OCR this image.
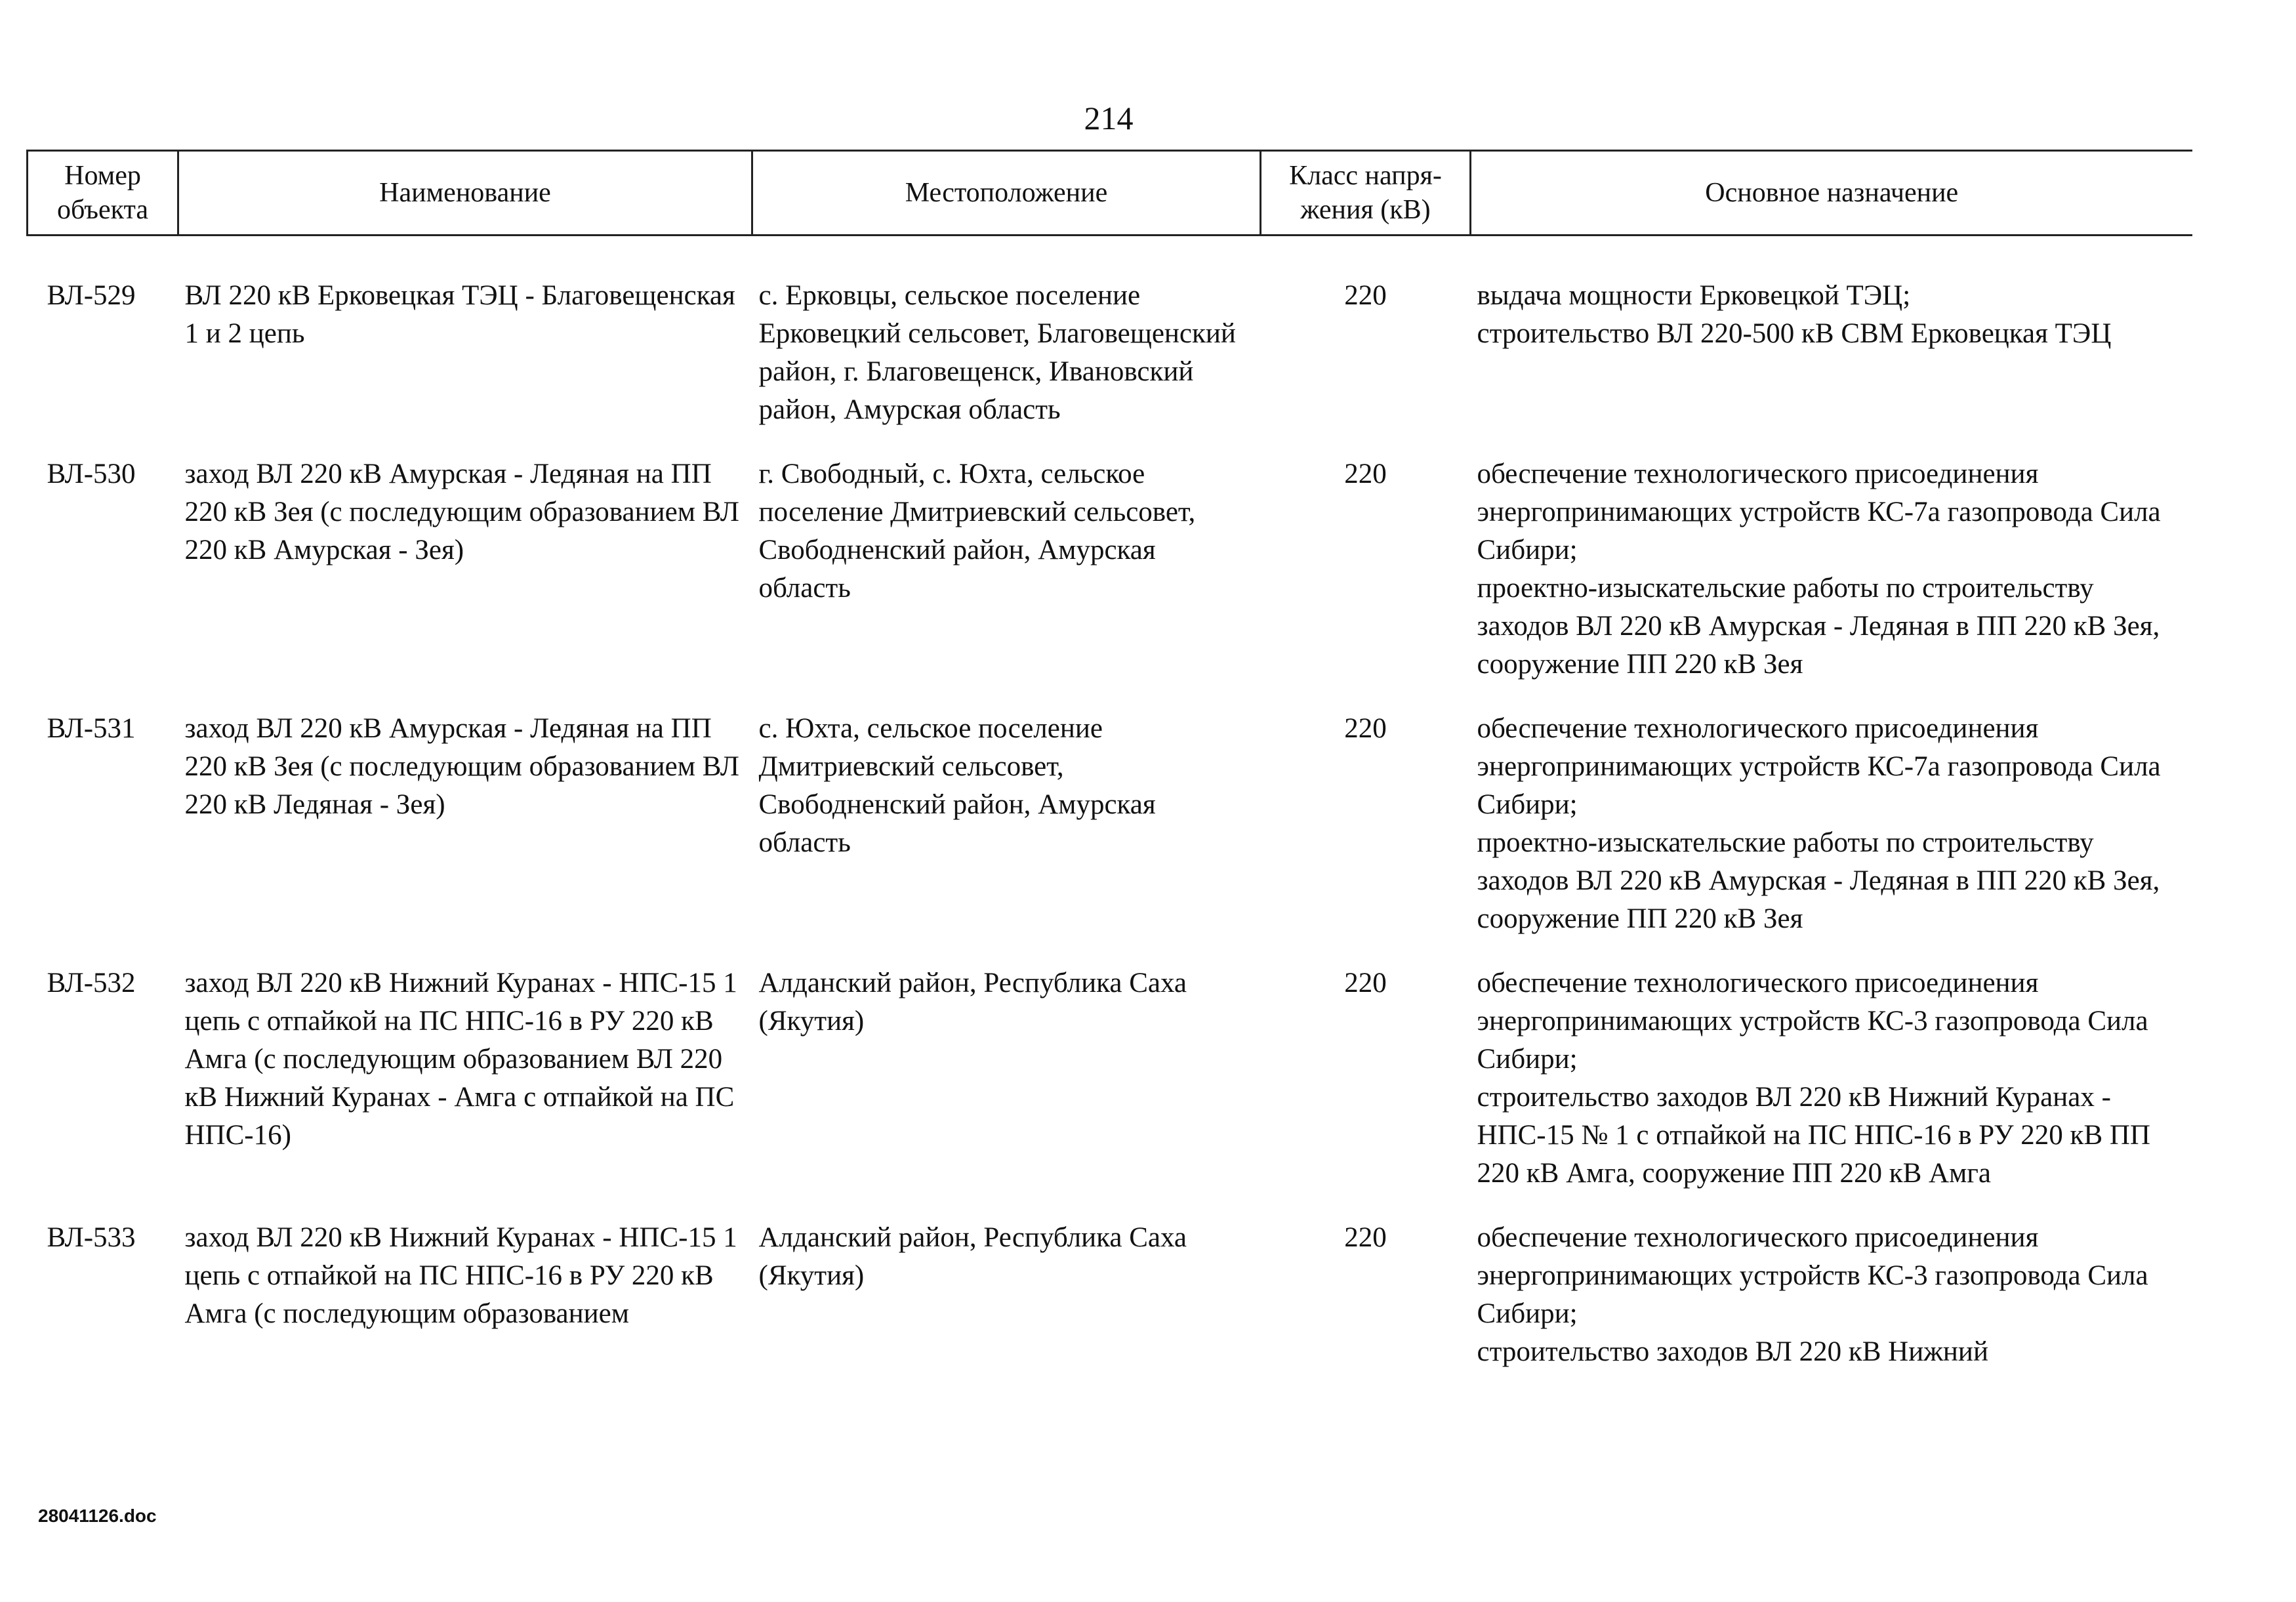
214
Номер объекта	Наименование	Местоположение	Класс напря-жения (кВ)	Основное назначение

ВЛ-529	ВЛ 220 кВ Ерковецкая ТЭЦ - Благовещенская 1 и 2 цепь	с. Ерковцы, сельское поселение Ерковецкий сельсовет, Благовещенский район, г. Благовещенск, Ивановский район, Амурская область	220	выдача мощности Ерковецкой ТЭЦ;
строительство ВЛ 220-500 кВ СВМ Ерковецкая ТЭЦ

ВЛ-530	заход ВЛ 220 кВ Амурская - Ледяная на ПП 220 кВ Зея (с последующим образованием ВЛ 220 кВ Амурская - Зея)	г. Свободный, с. Юхта, сельское поселение Дмитриевский сельсовет, Свободненский район, Амурская область	220	обеспечение технологического присоединения энергопринимающих устройств КС-7а газопровода Сила Сибири;
проектно-изыскательские работы по строительству заходов ВЛ 220 кВ Амурская - Ледяная в ПП 220 кВ Зея, сооружение ПП 220 кВ Зея

ВЛ-531	заход ВЛ 220 кВ Амурская - Ледяная на ПП 220 кВ Зея (с последующим образованием ВЛ 220 кВ Ледяная - Зея)	с. Юхта, сельское поселение Дмитриевский сельсовет, Свободненский район, Амурская область	220	обеспечение технологического присоединения энергопринимающих устройств КС-7а газопровода Сила Сибири;
проектно-изыскательские работы по строительству заходов ВЛ 220 кВ Амурская - Ледяная в ПП 220 кВ Зея, сооружение ПП 220 кВ Зея

ВЛ-532	заход ВЛ 220 кВ Нижний Куранах - НПС-15 1 цепь с отпайкой на ПС НПС-16 в РУ 220 кВ Амга (с последующим образованием ВЛ 220 кВ Нижний Куранах - Амга с отпайкой на ПС НПС-16)	Алданский район, Республика Саха (Якутия)	220	обеспечение технологического присоединения энергопринимающих устройств КС-3 газопровода Сила Сибири;
строительство заходов ВЛ 220 кВ Нижний Куранах - НПС-15 № 1 с отпайкой на ПС НПС-16 в РУ 220 кВ ПП 220 кВ Амга, сооружение ПП 220 кВ Амга

ВЛ-533	заход ВЛ 220 кВ Нижний Куранах - НПС-15 1 цепь с отпайкой на ПС НПС-16 в РУ 220 кВ Амга (с последующим образованием	Алданский район, Республика Саха (Якутия)	220	обеспечение технологического присоединения энергопринимающих устройств КС-3 газопровода Сила Сибири;
строительство заходов ВЛ 220 кВ Нижний
28041126.doc
